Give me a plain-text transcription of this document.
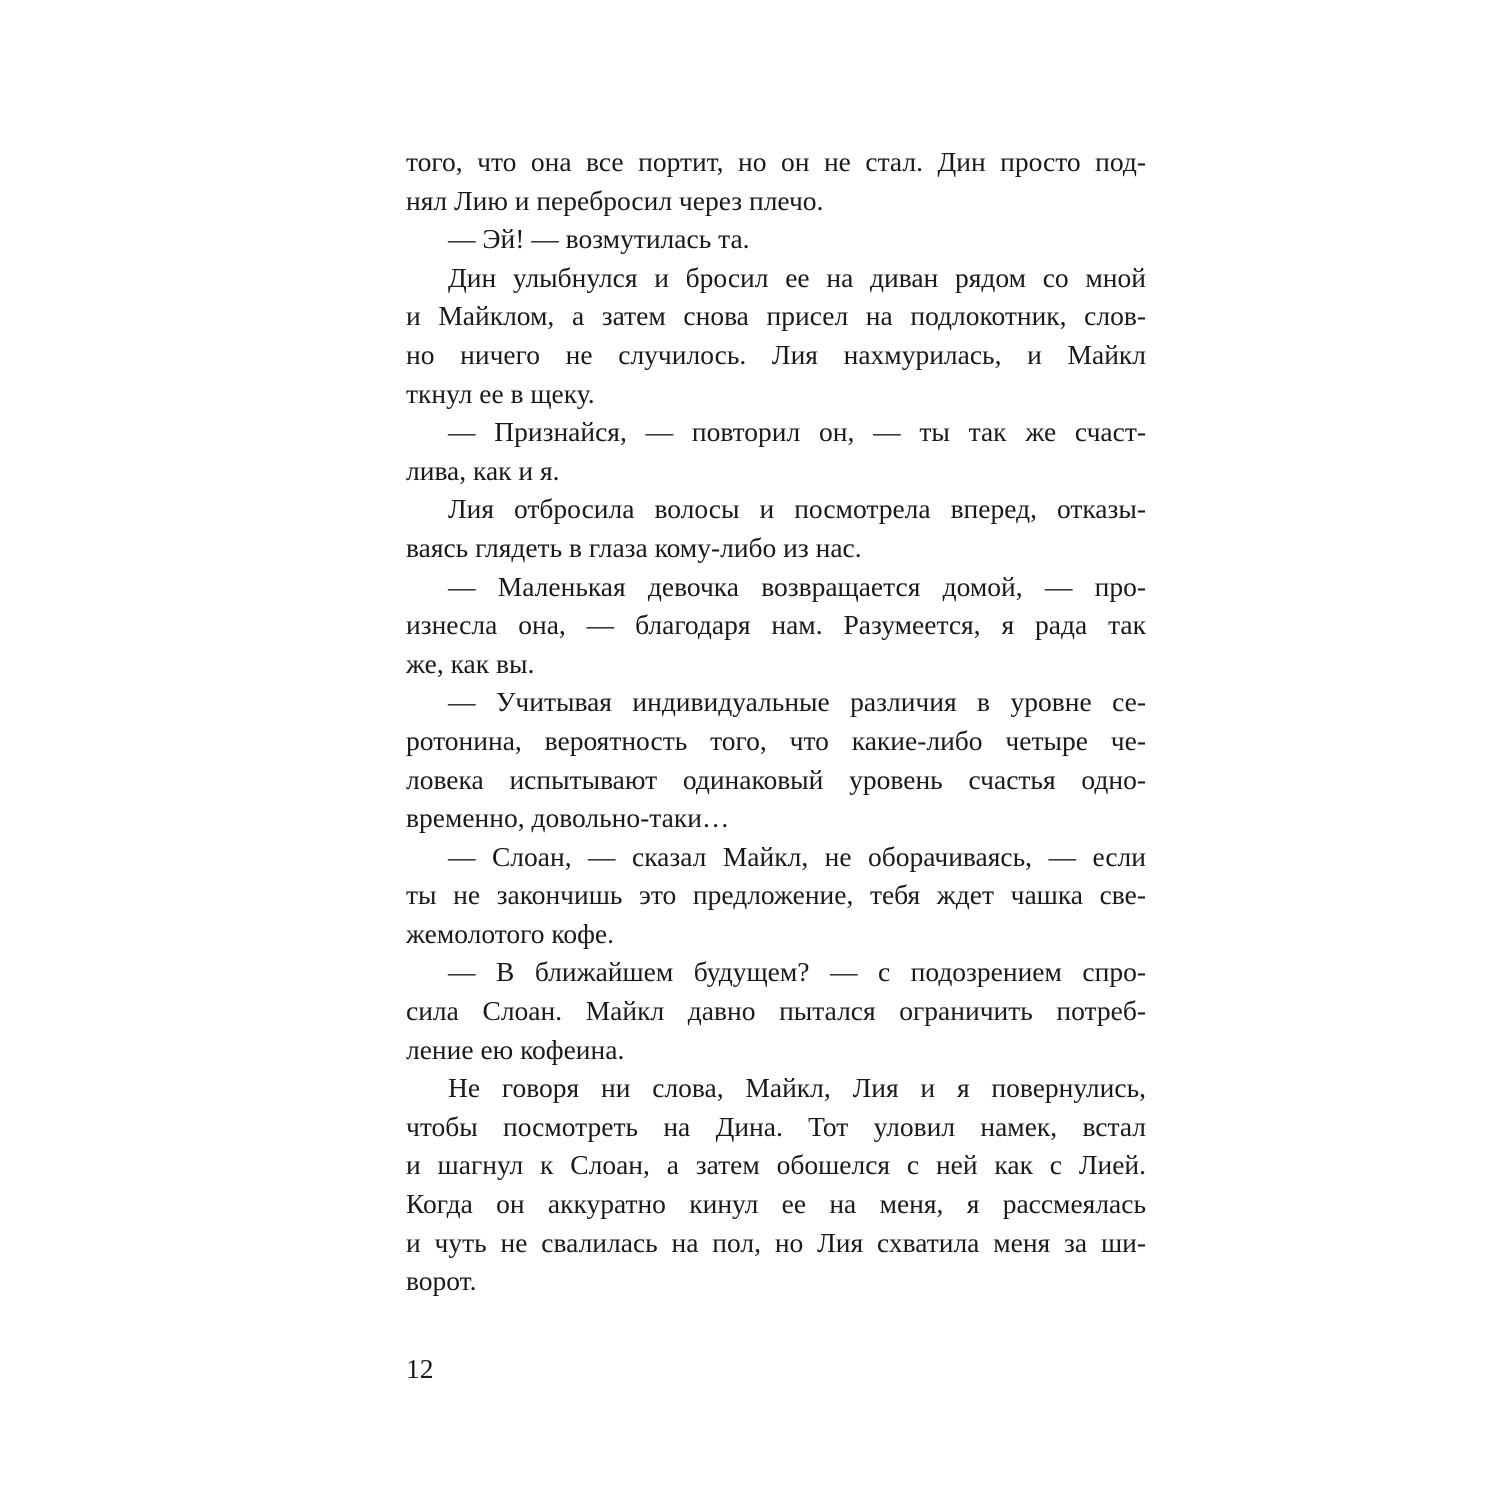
того, что она все портит, но он не стал. Дин просто под-
нял Лию и перебросил через плечо.
— Эй! — возмутилась та.
Дин улыбнулся и бросил ее на диван рядом со мной
и Майклом, а затем снова присел на подлокотник, слов-
но ничего не случилось. Лия нахмурилась, и Майкл
ткнул ее в щеку.
— Признайся, — повторил он, — ты так же счаст-
лива, как и я.
Лия отбросила волосы и посмотрела вперед, отказы-
ваясь глядеть в глаза кому-либо из нас.
— Маленькая девочка возвращается домой, — про-
изнесла она, — благодаря нам. Разумеется, я рада так
же, как вы.
— Учитывая индивидуальные различия в уровне се-
ротонина, вероятность того, что какие-либо четыре че-
ловека испытывают одинаковый уровень счастья одно-
временно, довольно-таки…
— Слоан, — сказал Майкл, не оборачиваясь, — если
ты не закончишь это предложение, тебя ждет чашка све-
жемолотого кофе.
— В ближайшем будущем? — с подозрением спро-
сила Слоан. Майкл давно пытался ограничить потреб-
ление ею кофеина.
Не говоря ни слова, Майкл, Лия и я повернулись,
чтобы посмотреть на Дина. Тот уловил намек, встал
и шагнул к Слоан, а затем обошелся с ней как с Лией.
Когда он аккуратно кинул ее на меня, я рассмеялась
и чуть не свалилась на пол, но Лия схватила меня за ши-
ворот.
12
